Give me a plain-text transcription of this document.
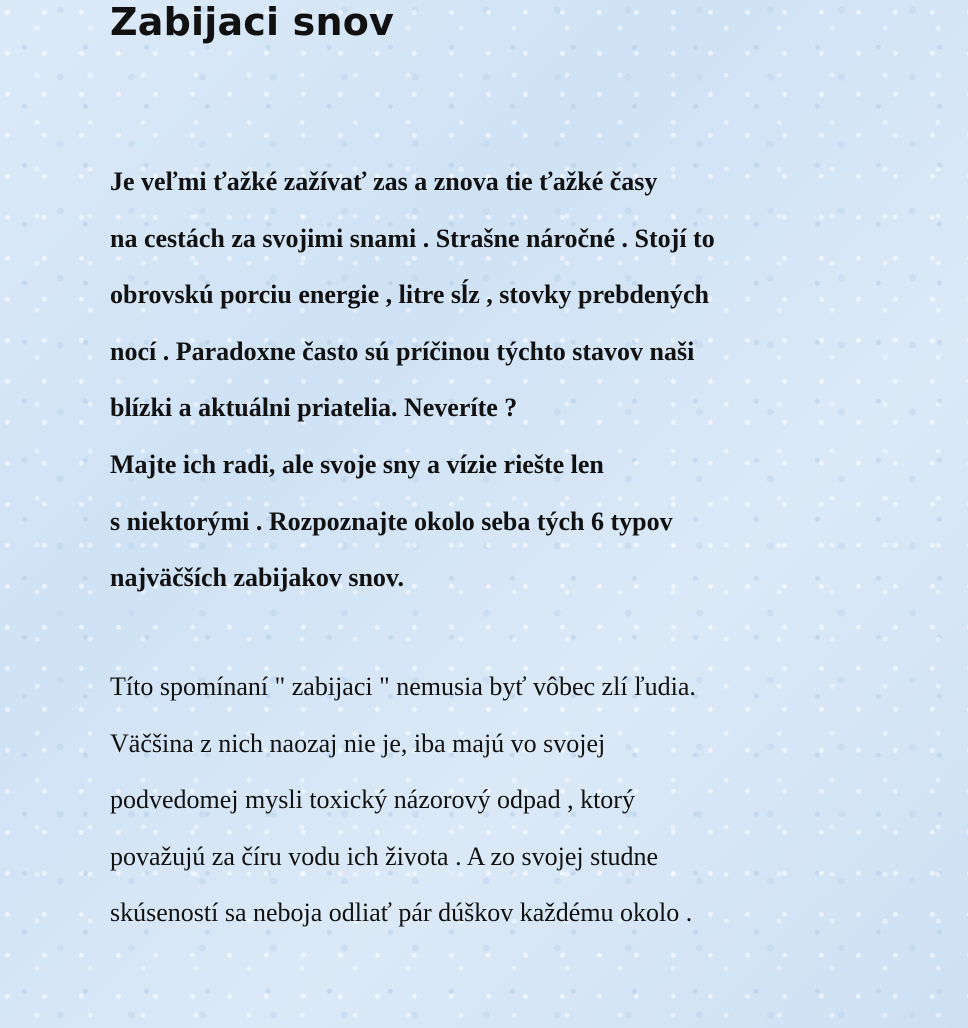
Zabijaci snov
Je veľmi ťažké zažívať zas a znova tie ťažké časy
na cestách za svojimi snami . Strašne náročné . Stojí to
obrovskú porciu energie , litre sĺz , stovky prebdených
nocí . Paradoxne často sú príčinou týchto stavov naši
blízki a aktuálni priatelia. Neveríte ?
Majte ich radi, ale svoje sny a vízie riešte len
s niektorými . Rozpoznajte okolo seba tých 6 typov
najväčších zabijakov snov.
Títo spomínaní " zabijaci " nemusia byť vôbec zlí ľudia.
Väčšina z nich naozaj nie je, iba majú vo svojej
podvedomej mysli toxický názorový odpad , ktorý
považujú za číru vodu ich života . A zo svojej studne
skúseností sa neboja odliať pár dúškov každému okolo .
